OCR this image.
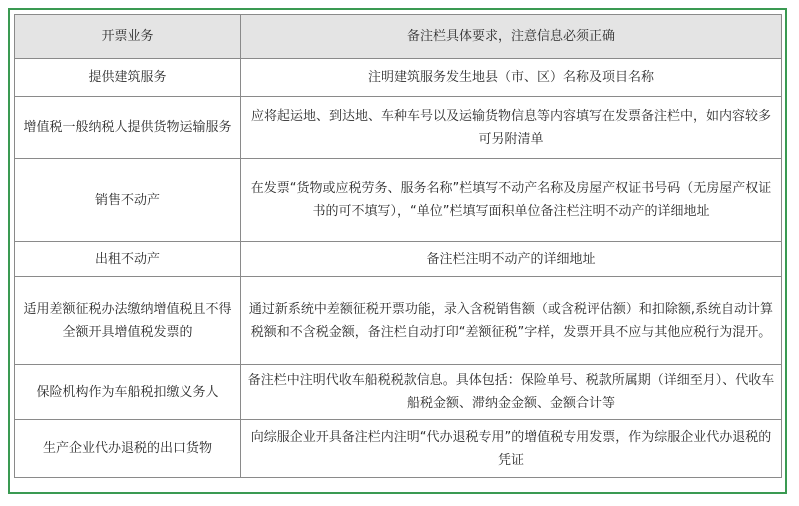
开票业务	备注栏具体要求，注意信息必须正确
提供建筑服务	注明建筑服务发生地县（市、区）名称及项目名称
增值税一般纳税人提供货物运输服务	应将起运地、到达地、车种车号以及运输货物信息等内容填写在发票备注栏中，如内容较多可另附清单
销售不动产	在发票“货物或应税劳务、服务名称”栏填写不动产名称及房屋产权证书号码（无房屋产权证书的可不填写），“单位”栏填写面积单位备注栏注明不动产的详细地址
出租不动产	备注栏注明不动产的详细地址
适用差额征税办法缴纳增值税且不得全额开具增值税发票的	通过新系统中差额征税开票功能，录入含税销售额（或含税评估额）和扣除额,系统自动计算税额和不含税金额，备注栏自动打印“差额征税”字样，发票开具不应与其他应税行为混开。
保险机构作为车船税扣缴义务人	备注栏中注明代收车船税税款信息。具体包括：保险单号、税款所属期（详细至月）、代收车船税金额、滞纳金金额、金额合计等
生产企业代办退税的出口货物	向综服企业开具备注栏内注明“代办退税专用”的增值税专用发票，作为综服企业代办退税的凭证
